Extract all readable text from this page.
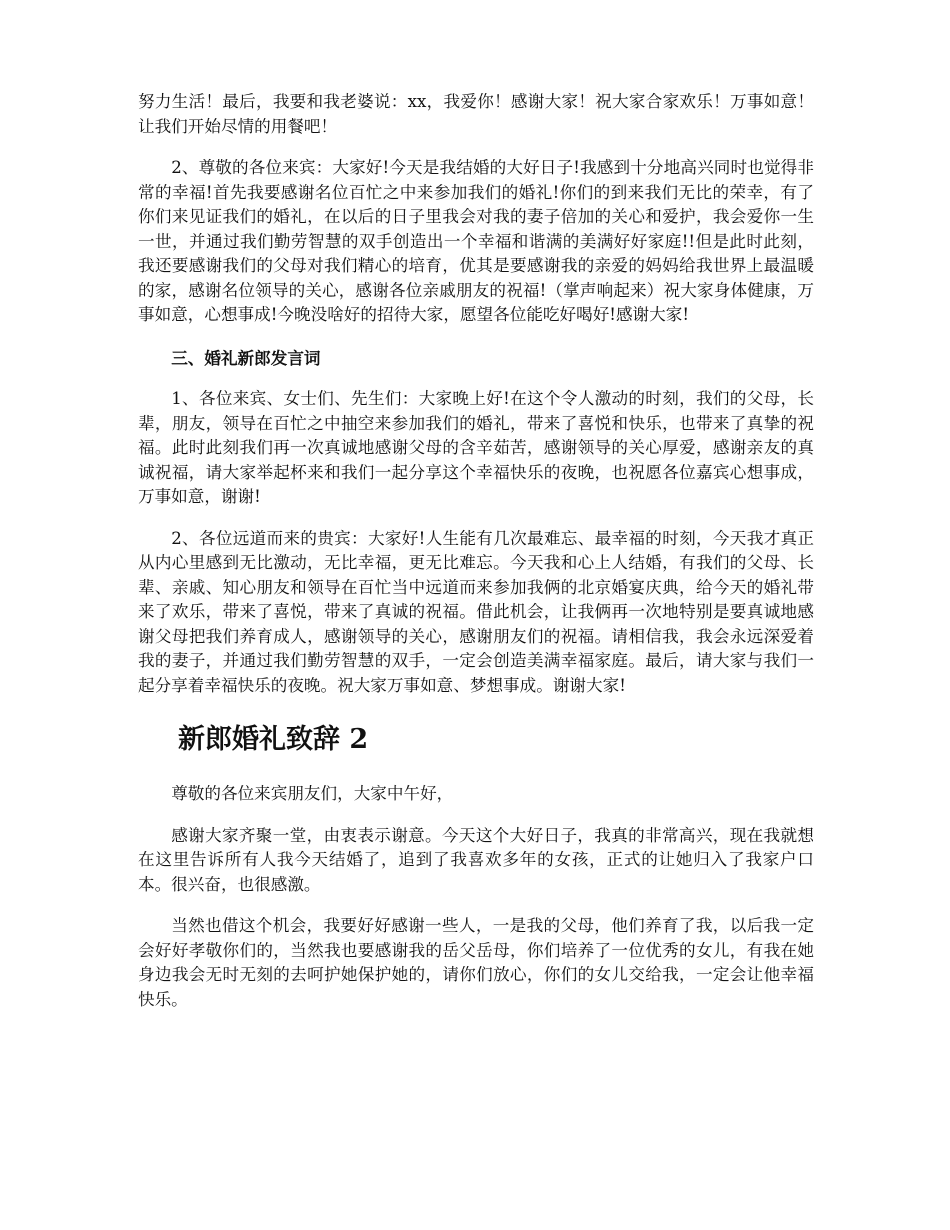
努力生活！最后，我要和我老婆说：xx，我爱你！感谢大家！祝大家合家欢乐！万事如意！让我们开始尽情的用餐吧！

2、尊敬的各位来宾：大家好!今天是我结婚的大好日子!我感到十分地高兴同时也觉得非常的幸福!首先我要感谢名位百忙之中来参加我们的婚礼!你们的到来我们无比的荣幸，有了你们来见证我们的婚礼，在以后的日子里我会对我的妻子倍加的关心和爱护，我会爱你一生一世，并通过我们勤劳智慧的双手创造出一个幸福和谐满的美满好好家庭!!但是此时此刻，我还要感谢我们的父母对我们精心的培育，优其是要感谢我的亲爱的妈妈给我世界上最温暖的家，感谢名位领导的关心，感谢各位亲戚朋友的祝福!（掌声响起来）祝大家身体健康，万事如意，心想事成!今晚没啥好的招待大家，愿望各位能吃好喝好!感谢大家!

三、婚礼新郎发言词

1、各位来宾、女士们、先生们：大家晚上好!在这个令人激动的时刻，我们的父母，长辈，朋友，领导在百忙之中抽空来参加我们的婚礼，带来了喜悦和快乐，也带来了真挚的祝福。此时此刻我们再一次真诚地感谢父母的含辛茹苦，感谢领导的关心厚爱，感谢亲友的真诚祝福，请大家举起杯来和我们一起分享这个幸福快乐的夜晚，也祝愿各位嘉宾心想事成，万事如意，谢谢!

2、各位远道而来的贵宾：大家好!人生能有几次最难忘、最幸福的时刻，今天我才真正从内心里感到无比激动，无比幸福，更无比难忘。今天我和心上人结婚，有我们的父母、长辈、亲戚、知心朋友和领导在百忙当中远道而来参加我俩的北京婚宴庆典，给今天的婚礼带来了欢乐，带来了喜悦，带来了真诚的祝福。借此机会，让我俩再一次地特别是要真诚地感谢父母把我们养育成人，感谢领导的关心，感谢朋友们的祝福。请相信我，我会永远深爱着我的妻子，并通过我们勤劳智慧的双手，一定会创造美满幸福家庭。最后，请大家与我们一起分享着幸福快乐的夜晚。祝大家万事如意、梦想事成。谢谢大家!

新郎婚礼致辞 2

尊敬的各位来宾朋友们，大家中午好，

感谢大家齐聚一堂，由衷表示谢意。今天这个大好日子，我真的非常高兴，现在我就想在这里告诉所有人我今天结婚了，追到了我喜欢多年的女孩，正式的让她归入了我家户口本。很兴奋，也很感激。

当然也借这个机会，我要好好感谢一些人，一是我的父母，他们养育了我，以后我一定会好好孝敬你们的，当然我也要感谢我的岳父岳母，你们培养了一位优秀的女儿，有我在她身边我会无时无刻的去呵护她保护她的，请你们放心，你们的女儿交给我，一定会让他幸福快乐。
